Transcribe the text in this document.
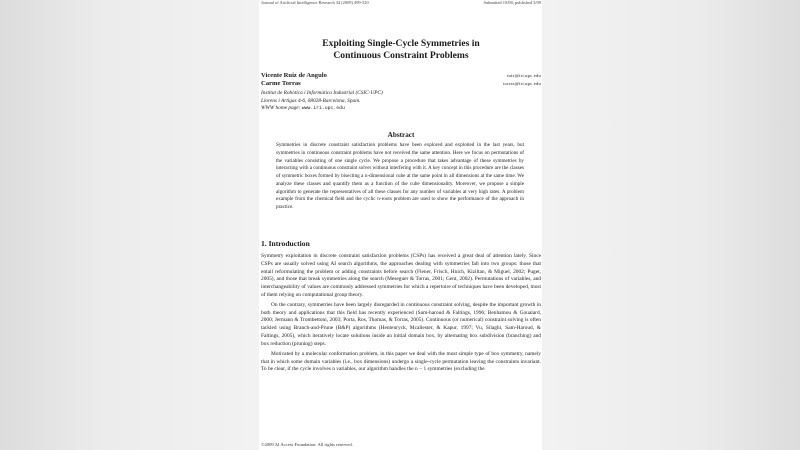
Journal of Artificial Intelligence Research 34 (2009) 499-520	Submitted 10/08; published 3/09
Exploiting Single-Cycle Symmetries in
Continuous Constraint Problems
Vicente Ruiz de Angulo	ruiz@iri.upc.edu
Carme Torras	torras@iri.upc.edu
Institut de Robòtica i Informàtica Industrial (CSIC-UPC)
Llorens i Artigas 4-6, 08028-Barcelona, Spain.
WWW home page: www.iri.upc.edu
Abstract
Symmetries in discrete constraint satisfaction problems have been explored and exploited in the last years, but symmetries in continuous constraint problems have not received the same attention. Here we focus on permutations of the variables consisting of one single cycle. We propose a procedure that takes advantage of these symmetries by interacting with a continuous constraint solver without interfering with it. A key concept in this procedure are the classes of symmetric boxes formed by bisecting a n-dimensional cube at the same point in all dimensions at the same time. We analyze these classes and quantify them as a function of the cube dimensionality. Moreover, we propose a simple algorithm to generate the representatives of all these classes for any number of variables at very high rates. A problem example from the chemical field and the cyclic n-roots problem are used to show the performance of the approach in practice.
1. Introduction

Symmetry exploitation in discrete constraint satisfaction problems (CSPs) has received a great deal of attention lately. Since CSPs are usually solved using AI search algorithms, the approaches dealing with symmetries fall into two groups: those that entail reformulating the problem or adding constraints before search (Flener, Frisch, Hnich, Kiziltan, & Miguel, 2002; Puget, 2005), and those that break symmetries along the search (Meseguer & Torras, 2001; Gent, 2002). Permutations of variables, and interchangeability of values are commonly addressed symmetries for which a repertoire of techniques have been developed, most of them relying on computational group theory.

On the contrary, symmetries have been largely disregarded in continuous constraint solving, despite the important growth in both theory and applications that this field has recently experienced (Sam-haroud & Faltings, 1996; Benhamou & Goualard, 2000; Jermann & Trombettoni, 2003; Porta, Ros, Thomas, & Torras, 2005). Continuous (or numerical) constraint solving is often tackled using Branch-and-Prune (B&P) algorithms (Hentenryck, Mcallester, & Kapur, 1997; Vu, Silaghi, Sam-Haroud, & Faltings, 2005), which iteratively locate solutions inside an initial domain box, by alternating box subdivision (branching) and box reduction (pruning) steps.

Motivated by a molecular conformation problem, in this paper we deal with the most simple type of box symmetry, namely that in which some domain variables (i.e., box dimensions) undergo a single-cycle permutation leaving the constraints invariant. To be clear, if the cycle involves n variables, our algorithm handles the n − 1 symmetries (excluding the

©2009 AI Access Foundation. All rights reserved.
